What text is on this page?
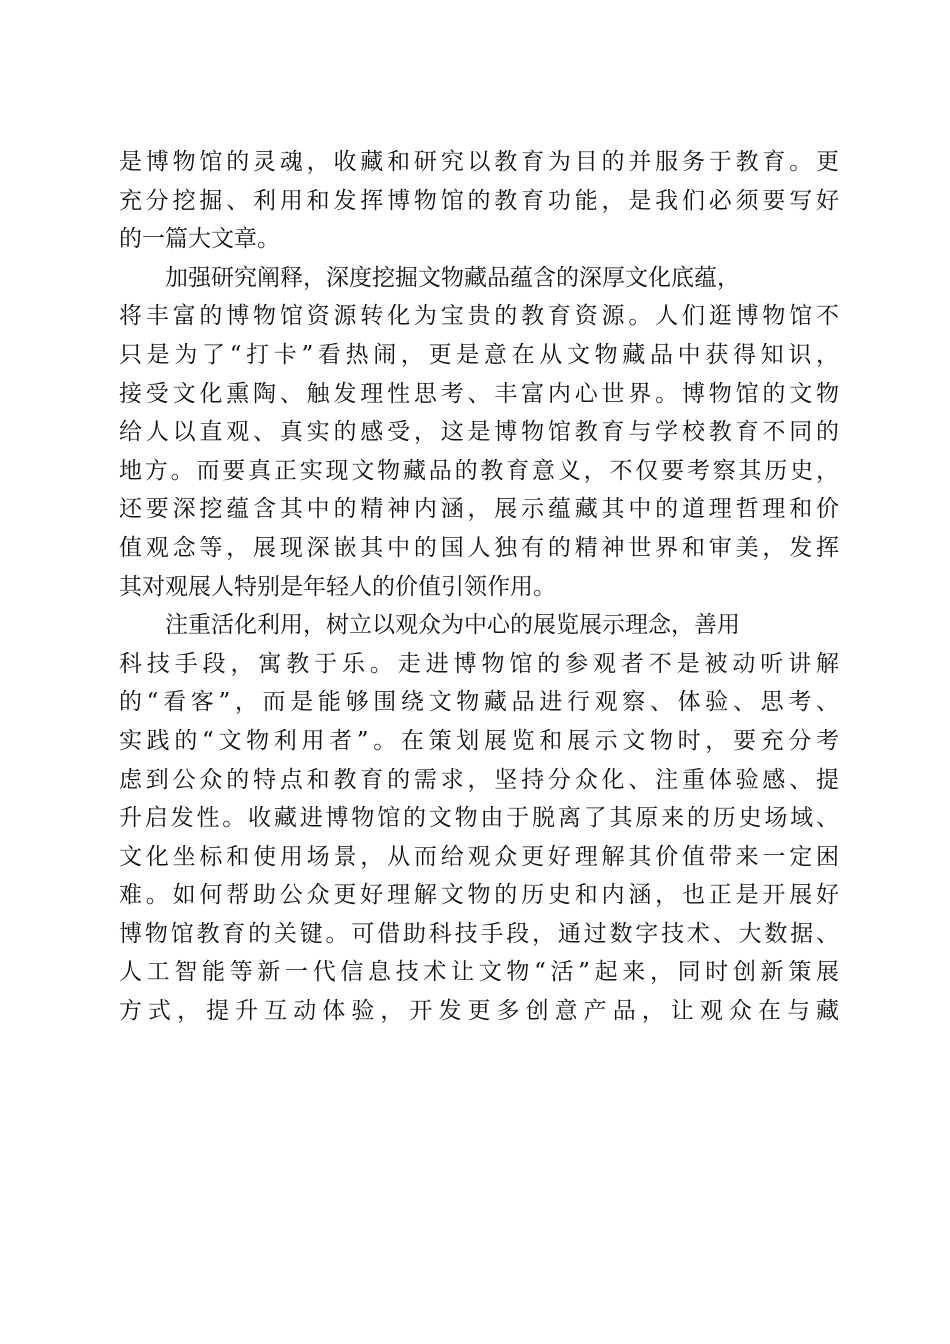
是博物馆的灵魂，收藏和研究以教育为目的并服务于教育。更
充分挖掘、利用和发挥博物馆的教育功能，是我们必须要写好
的一篇大文章。
加强研究阐释，深度挖掘文物藏品蕴含的深厚文化底蕴，
将丰富的博物馆资源转化为宝贵的教育资源。人们逛博物馆不
只是为了“打卡”看热闹，更是意在从文物藏品中获得知识，
接受文化熏陶、触发理性思考、丰富内心世界。博物馆的文物
给人以直观、真实的感受，这是博物馆教育与学校教育不同的
地方。而要真正实现文物藏品的教育意义，不仅要考察其历史，
还要深挖蕴含其中的精神内涵，展示蕴藏其中的道理哲理和价
值观念等，展现深嵌其中的国人独有的精神世界和审美，发挥
其对观展人特别是年轻人的价值引领作用。
注重活化利用，树立以观众为中心的展览展示理念，善用
科技手段，寓教于乐。走进博物馆的参观者不是被动听讲解
的“看客”，而是能够围绕文物藏品进行观察、体验、思考、
实践的“文物利用者”。在策划展览和展示文物时，要充分考
虑到公众的特点和教育的需求，坚持分众化、注重体验感、提
升启发性。收藏进博物馆的文物由于脱离了其原来的历史场域、
文化坐标和使用场景，从而给观众更好理解其价值带来一定困
难。如何帮助公众更好理解文物的历史和内涵，也正是开展好
博物馆教育的关键。可借助科技手段，通过数字技术、大数据、
人工智能等新一代信息技术让文物“活”起来，同时创新策展
方式，提升互动体验，开发更多创意产品，让观众在与藏
